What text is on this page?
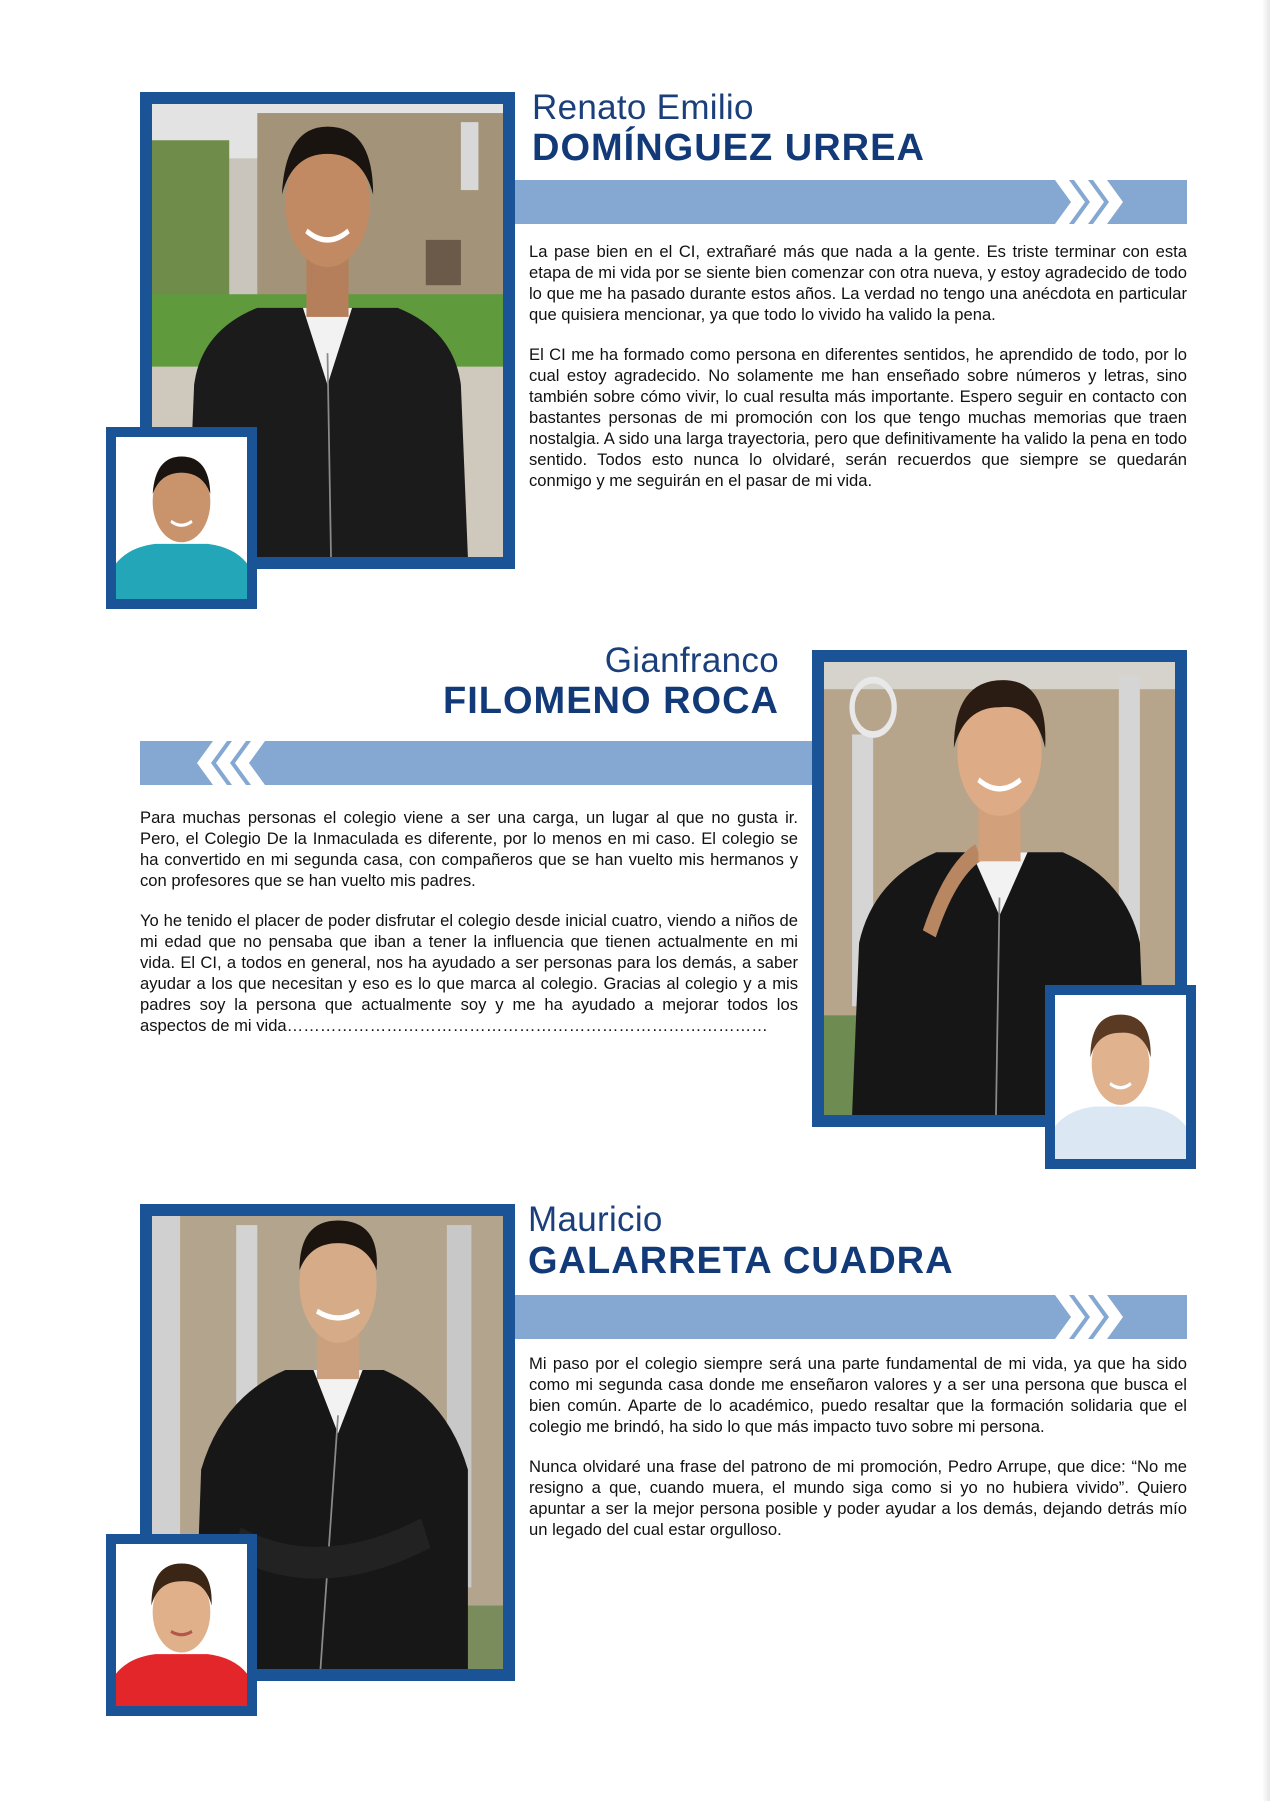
Renato Emilio
DOMÍNGUEZ URREA

La pase bien en el CI, extrañaré más que nada a la gente. Es triste terminar con esta etapa de mi vida por se siente bien comenzar con otra nueva, y estoy agradecido de todo lo que me ha pasado durante estos años. La verdad no tengo una anécdota en particular que quisiera mencionar, ya que todo lo vivido ha valido la pena.

El CI me ha formado como persona en diferentes sentidos, he aprendido de todo, por lo cual estoy agradecido. No solamente me han enseñado sobre números y letras, sino también sobre cómo vivir, lo cual resulta más importante. Espero seguir en contacto con bastantes personas de mi promoción con los que tengo muchas memorias que traen nostalgia. A sido una larga trayectoria, pero que definitivamente ha valido la pena en todo sentido. Todos esto nunca lo olvidaré, serán recuerdos que siempre se quedarán conmigo y me seguirán en el pasar de mi vida.

Gianfranco
FILOMENO ROCA

Para muchas personas el colegio viene a ser una carga, un lugar al que no gusta ir. Pero, el Colegio De la Inmaculada es diferente, por lo menos en mi caso. El colegio se ha convertido en mi segunda casa, con compañeros que se han vuelto mis hermanos y con profesores que se han vuelto mis padres.

Yo he tenido el placer de poder disfrutar el colegio desde inicial cuatro, viendo a niños de mi edad que no pensaba que iban a tener la influencia que tienen actualmente en mi vida. El CI, a todos en general, nos ha ayudado a ser personas para los demás, a saber ayudar a los que necesitan y eso es lo que marca al colegio. Gracias al colegio y a mis padres soy la persona que actualmente soy y me ha ayudado a mejorar todos los aspectos de mi vida……………………………………………………………………………

Mauricio
GALARRETA CUADRA

Mi paso por el colegio siempre será una parte fundamental de mi vida, ya que ha sido como mi segunda casa donde me enseñaron valores y a ser una persona que busca el bien común. Aparte de lo académico, puedo resaltar que la formación solidaria que el colegio me brindó, ha sido lo que más impacto tuvo sobre mi persona.

Nunca olvidaré una frase del patrono de mi promoción, Pedro Arrupe, que dice: “No me resigno a que, cuando muera, el mundo siga como si yo no hubiera vivido”. Quiero apuntar a ser la mejor persona posible y poder ayudar a los demás, dejando detrás mío un legado del cual estar orgulloso.
